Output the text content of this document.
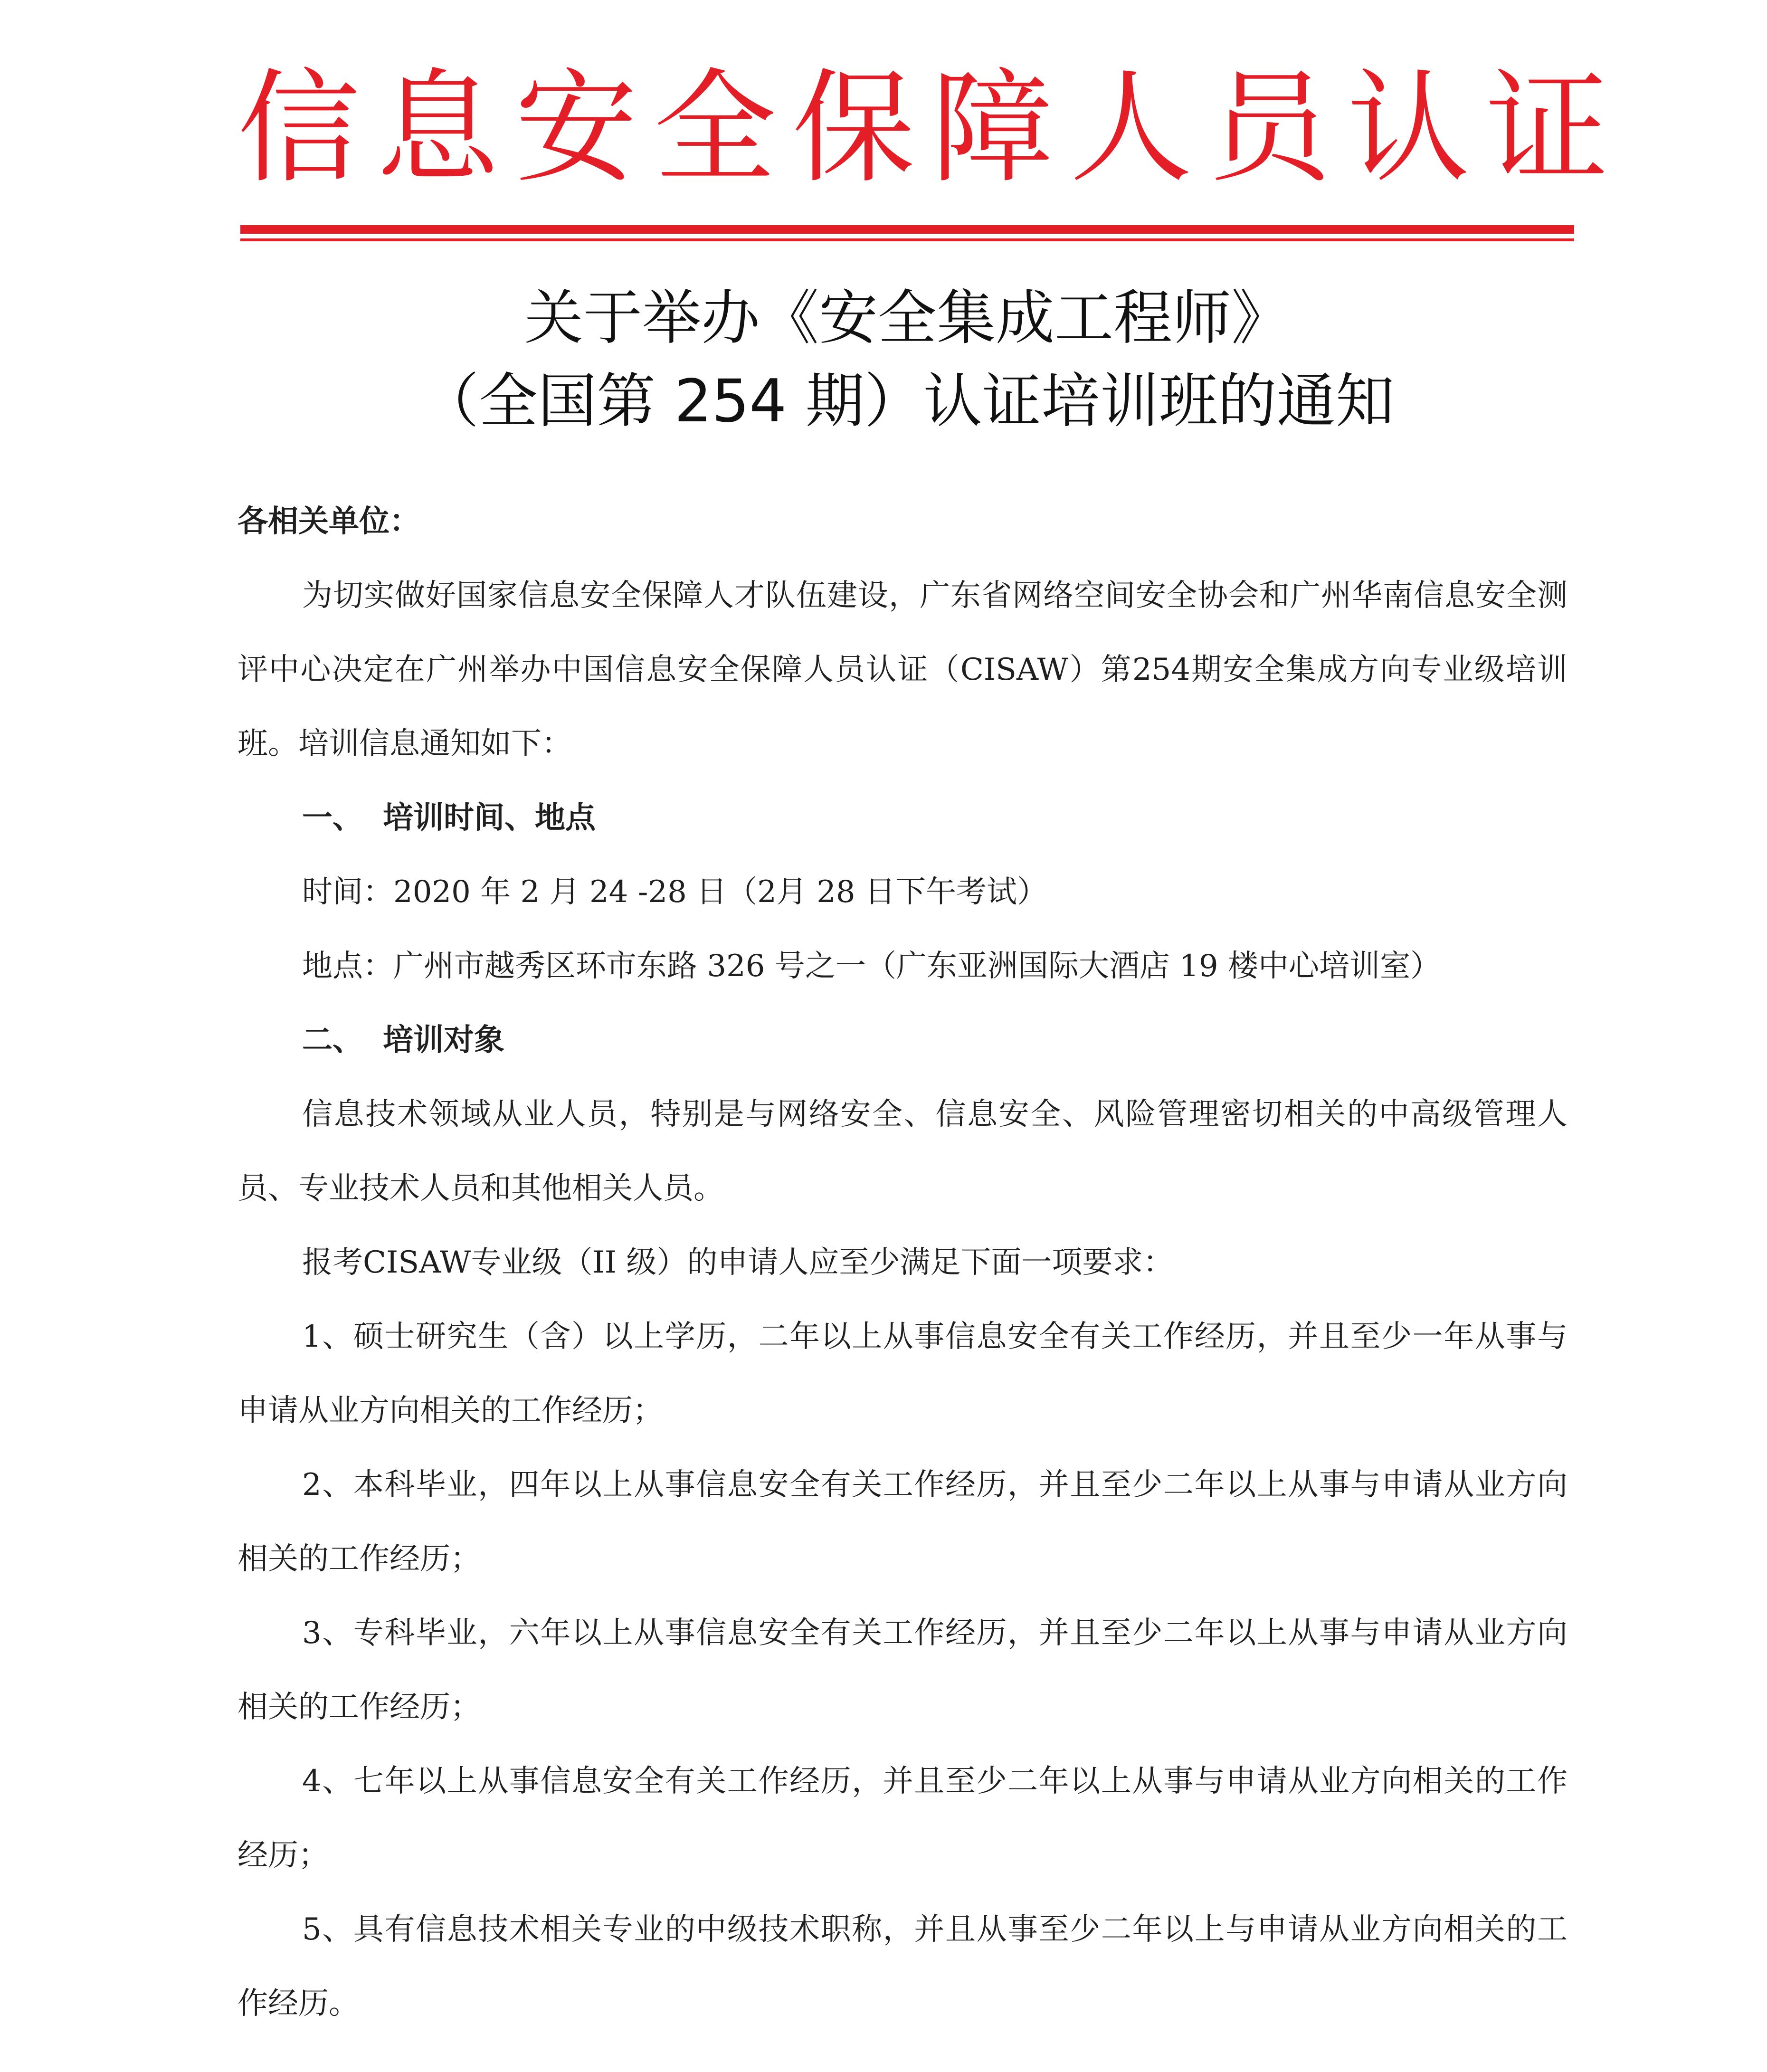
信息安全保障人员认证
关于举办《安全集成工程师》
（全国第 254 期）认证培训班的通知

各相关单位：

为切实做好国家信息安全保障人才队伍建设，广东省网络空间安全协会和广州华南信息安全测评中心决定在广州举办中国信息安全保障人员认证（CISAW）第254期安全集成方向专业级培训班。培训信息通知如下：

一、 培训时间、地点

时间：2020 年 2 月 24 -28 日（2月 28 日下午考试）

地点：广州市越秀区环市东路 326 号之一（广东亚洲国际大酒店 19 楼中心培训室）

二、 培训对象

信息技术领域从业人员，特别是与网络安全、信息安全、风险管理密切相关的中高级管理人员、专业技术人员和其他相关人员。

报考CISAW专业级（II 级）的申请人应至少满足下面一项要求：

1、硕士研究生（含）以上学历，二年以上从事信息安全有关工作经历，并且至少一年从事与申请从业方向相关的工作经历；

2、本科毕业，四年以上从事信息安全有关工作经历，并且至少二年以上从事与申请从业方向相关的工作经历；

3、专科毕业，六年以上从事信息安全有关工作经历，并且至少二年以上从事与申请从业方向相关的工作经历；

4、七年以上从事信息安全有关工作经历，并且至少二年以上从事与申请从业方向相关的工作经历；

5、具有信息技术相关专业的中级技术职称，并且从事至少二年以上与申请从业方向相关的工作经历。
